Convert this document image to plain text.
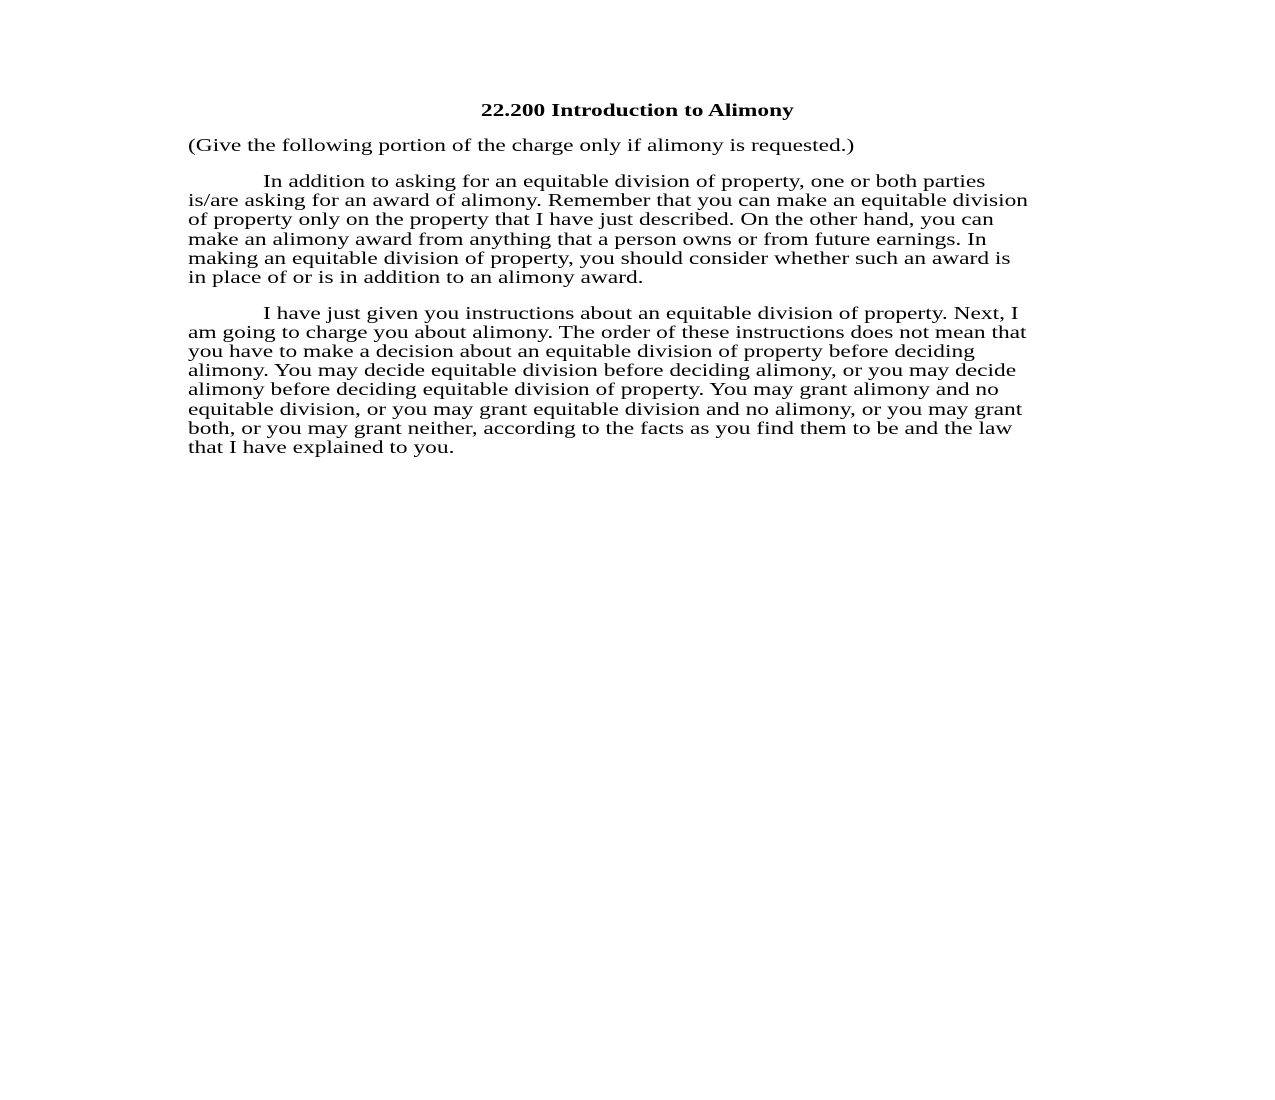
22.200 Introduction to Alimony
(Give the following portion of the charge only if alimony is requested.)
In addition to asking for an equitable division of property, one or both parties
is/are asking for an award of alimony. Remember that you can make an equitable division
of property only on the property that I have just described. On the other hand, you can
make an alimony award from anything that a person owns or from future earnings. In
making an equitable division of property, you should consider whether such an award is
in place of or is in addition to an alimony award.
I have just given you instructions about an equitable division of property. Next, I
am going to charge you about alimony. The order of these instructions does not mean that
you have to make a decision about an equitable division of property before deciding
alimony. You may decide equitable division before deciding alimony, or you may decide
alimony before deciding equitable division of property. You may grant alimony and no
equitable division, or you may grant equitable division and no alimony, or you may grant
both, or you may grant neither, according to the facts as you find them to be and the law
that I have explained to you.
